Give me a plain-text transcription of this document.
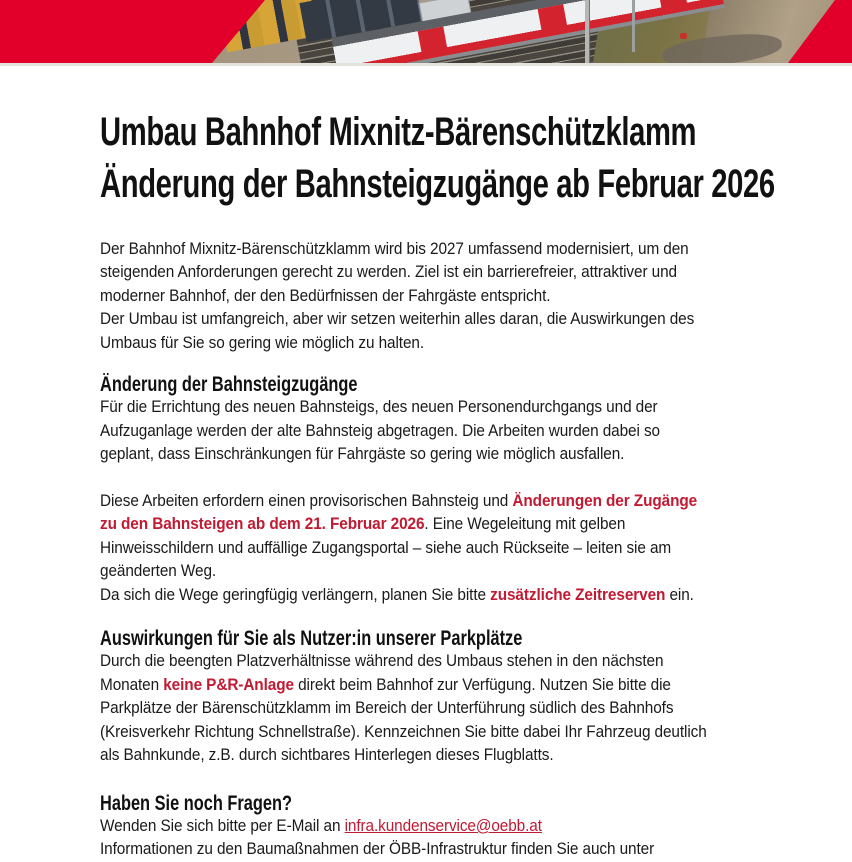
Umbau Bahnhof Mixnitz-Bärenschützklamm
Änderung der Bahnsteigzugänge ab Februar 2026
Der Bahnhof Mixnitz-Bärenschützklamm wird bis 2027 umfassend modernisiert, um den
steigenden Anforderungen gerecht zu werden. Ziel ist ein barrierefreier, attraktiver und
moderner Bahnhof, der den Bedürfnissen der Fahrgäste entspricht.
Der Umbau ist umfangreich, aber wir setzen weiterhin alles daran, die Auswirkungen des
Umbaus für Sie so gering wie möglich zu halten.
Änderung der Bahnsteigzugänge
Für die Errichtung des neuen Bahnsteigs, des neuen Personendurchgangs und der
Aufzuganlage werden der alte Bahnsteig abgetragen. Die Arbeiten wurden dabei so
geplant, dass Einschränkungen für Fahrgäste so gering wie möglich ausfallen.
Diese Arbeiten erfordern einen provisorischen Bahnsteig und Änderungen der Zugänge
zu den Bahnsteigen ab dem 21. Februar 2026. Eine Wegeleitung mit gelben
Hinweisschildern und auffällige Zugangsportal – siehe auch Rückseite – leiten sie am
geänderten Weg.
Da sich die Wege geringfügig verlängern, planen Sie bitte zusätzliche Zeitreserven ein.
Auswirkungen für Sie als Nutzer:in unserer Parkplätze
Durch die beengten Platzverhältnisse während des Umbaus stehen in den nächsten
Monaten keine P&R-Anlage direkt beim Bahnhof zur Verfügung. Nutzen Sie bitte die
Parkplätze der Bärenschützklamm im Bereich der Unterführung südlich des Bahnhofs
(Kreisverkehr Richtung Schnellstraße). Kennzeichnen Sie bitte dabei Ihr Fahrzeug deutlich
als Bahnkunde, z.B. durch sichtbares Hinterlegen dieses Flugblatts.
Haben Sie noch Fragen?
Wenden Sie sich bitte per E-Mail an infra.kundenservice@oebb.at
Informationen zu den Baumaßnahmen der ÖBB-Infrastruktur finden Sie auch unter
